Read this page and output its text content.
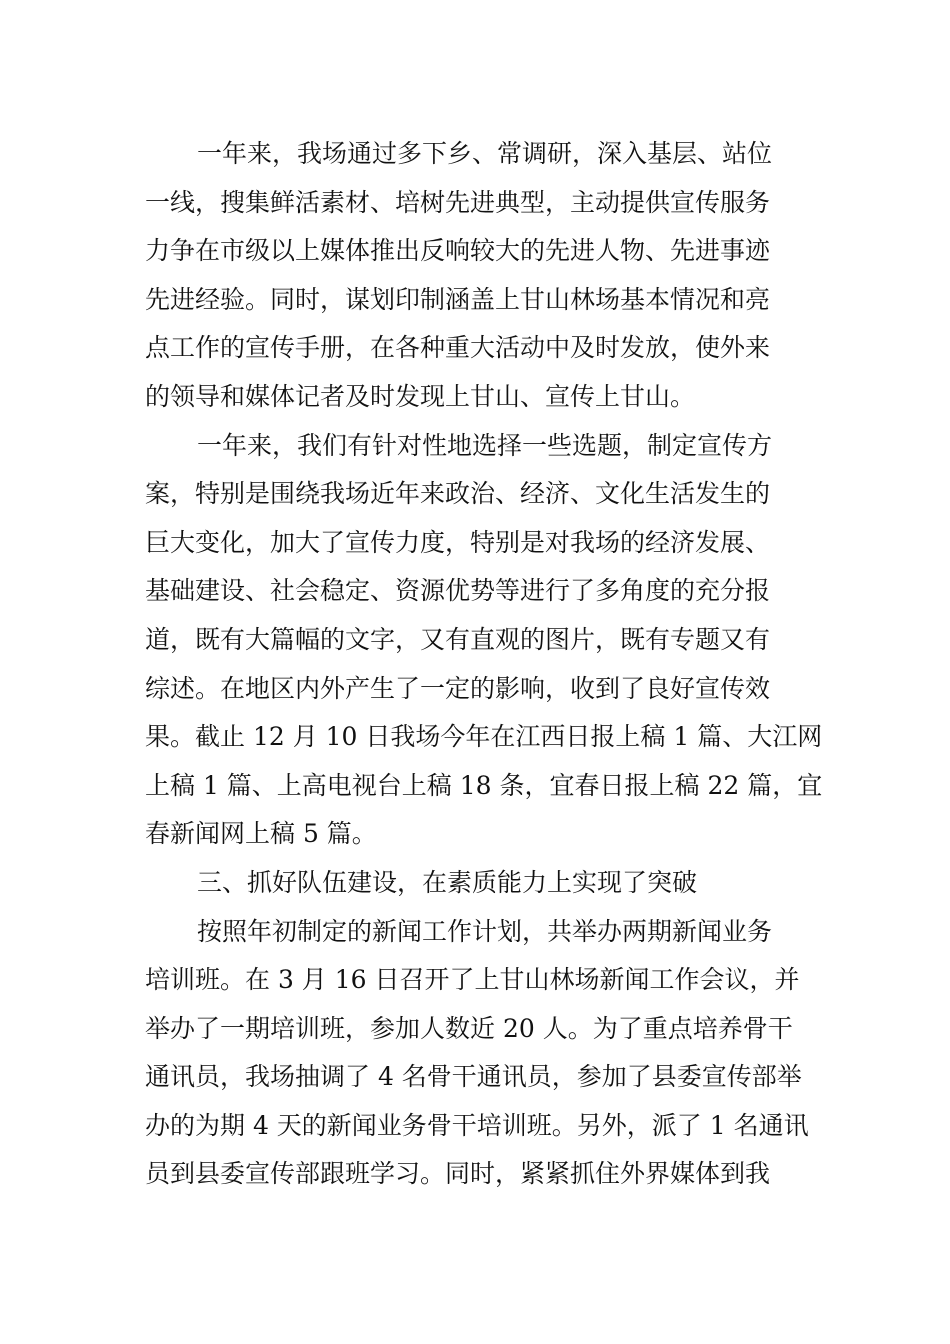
一年来，我场通过多下乡、常调研，深入基层、站位
一线，搜集鲜活素材、培树先进典型，主动提供宣传服务
力争在市级以上媒体推出反响较大的先进人物、先进事迹
先进经验。同时，谋划印制涵盖上甘山林场基本情况和亮
点工作的宣传手册，在各种重大活动中及时发放，使外来
的领导和媒体记者及时发现上甘山、宣传上甘山。
一年来，我们有针对性地选择一些选题，制定宣传方
案，特别是围绕我场近年来政治、经济、文化生活发生的
巨大变化，加大了宣传力度，特别是对我场的经济发展、
基础建设、社会稳定、资源优势等进行了多角度的充分报
道，既有大篇幅的文字，又有直观的图片，既有专题又有
综述。在地区内外产生了一定的影响，收到了良好宣传效
果。截止 12 月 10 日我场今年在江西日报上稿 1 篇、大江网
上稿 1 篇、上高电视台上稿 18 条，宜春日报上稿 22 篇，宜
春新闻网上稿 5 篇。
三、抓好队伍建设，在素质能力上实现了突破
按照年初制定的新闻工作计划，共举办两期新闻业务
培训班。在 3 月 16 日召开了上甘山林场新闻工作会议，并
举办了一期培训班，参加人数近 20 人。为了重点培养骨干
通讯员，我场抽调了 4 名骨干通讯员，参加了县委宣传部举
办的为期 4 天的新闻业务骨干培训班。另外，派了 1 名通讯
员到县委宣传部跟班学习。同时，紧紧抓住外界媒体到我
